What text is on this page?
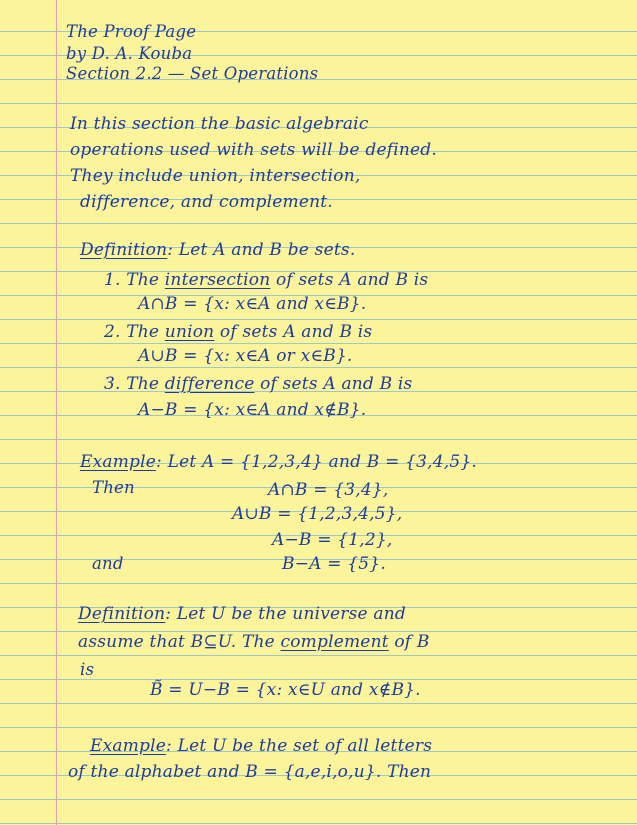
The Proof Page
by D. A. Kouba
Section 2.2 — Set Operations
In this section the basic algebraic
operations used with sets will be defined.
They include union, intersection,
difference, and complement.
Definition: Let A and B be sets.
1. The intersection of sets A and B is
A∩B = {x: x∈A and x∈B}.
2. The union of sets A and B is
A∪B = {x: x∈A or x∈B}.
3. The difference of sets A and B is
A−B = {x: x∈A and x∉B}.
Example: Let A = {1,2,3,4} and B = {3,4,5}.
Then	A∩B = {3,4},
A∪B = {1,2,3,4,5},
A−B = {1,2},
and	B−A = {5}.
Definition: Let U be the universe and
assume that B⊆U. The complement of B
is
B̃ = U−B = {x: x∈U and x∉B}.
Example: Let U be the set of all letters
of the alphabet and B = {a,e,i,o,u}. Then
